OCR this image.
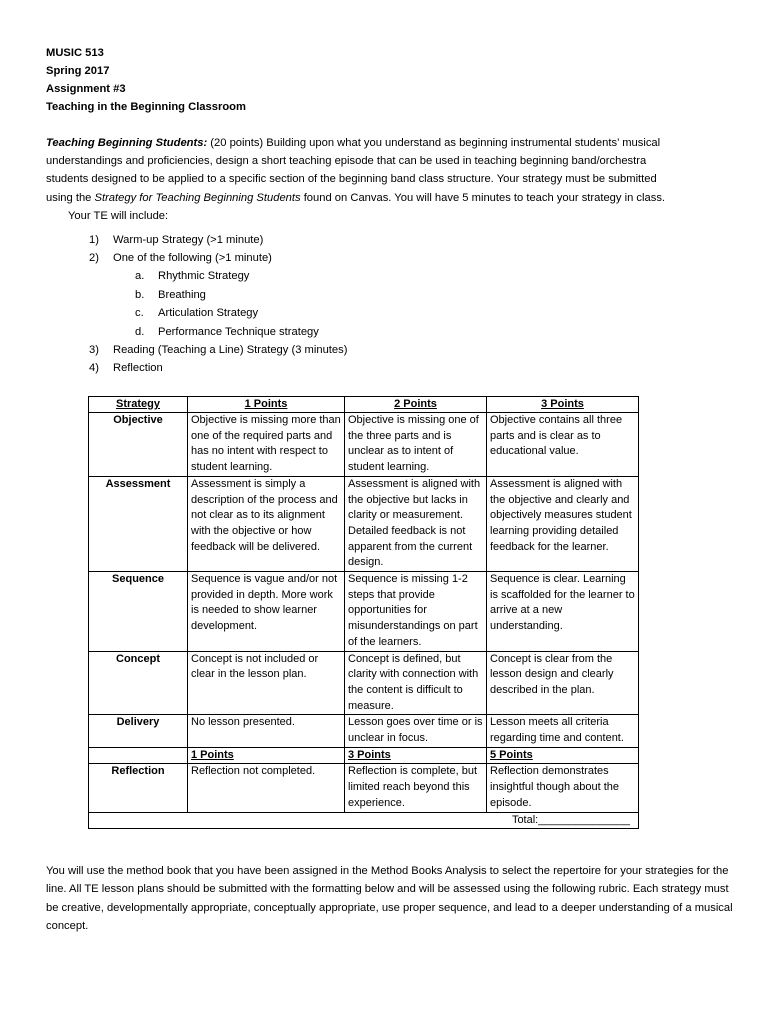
MUSIC 513

Spring 2017

Assignment #3

Teaching in the Beginning Classroom

Teaching Beginning Students: (20 points) Building upon what you understand as beginning instrumental students’ musical

understandings and proficiencies, design a short teaching episode that can be used in teaching beginning band/orchestra

students designed to be applied to a specific section of the beginning band class structure. Your strategy must be submitted

using the Strategy for Teaching Beginning Students found on Canvas. You will have 5 minutes to teach your strategy in class.

Your TE will include:

1) Warm-up Strategy (>1 minute)
2) One of the following (>1 minute)
a. Rhythmic Strategy
b. Breathing
c. Articulation Strategy
d. Performance Technique strategy
3) Reading (Teaching a Line) Strategy (3 minutes)
4) Reflection
Strategy	1 Points	2 Points	3 Points
Objective	Objective is missing more than one of the required parts and has no intent with respect to student learning.	Objective is missing one of the three parts and is unclear as to intent of student learning.	Objective contains all three parts and is clear as to educational value.
Assessment	Assessment is simply a description of the process and not clear as to its alignment with the objective or how feedback will be delivered.	Assessment is aligned with the objective but lacks in clarity or measurement. Detailed feedback is not apparent from the current design.	Assessment is aligned with the objective and clearly and objectively measures student learning providing detailed feedback for the learner.
Sequence	Sequence is vague and/or not provided in depth. More work is needed to show learner development.	Sequence is missing 1-2 steps that provide opportunities for misunderstandings on part of the learners.	Sequence is clear. Learning is scaffolded for the learner to arrive at a new understanding.
Concept	Concept is not included or clear in the lesson plan.	Concept is defined, but clarity with connection with the content is difficult to measure.	Concept is clear from the lesson design and clearly described in the plan.
Delivery	No lesson presented.	Lesson goes over time or is unclear in focus.	Lesson meets all criteria regarding time and content.
	1 Points	3 Points	5 Points
Reflection	Reflection not completed.	Reflection is complete, but limited reach beyond this experience.	Reflection demonstrates insightful though about the episode.
Total:_______________			

You will use the method book that you have been assigned in the Method Books Analysis to select the repertoire for your strategies for the line. All TE lesson plans should be submitted with the formatting below and will be assessed using the following rubric. Each strategy must be creative, developmentally appropriate, conceptually appropriate, use proper sequence, and lead to a deeper understanding of a musical concept.
